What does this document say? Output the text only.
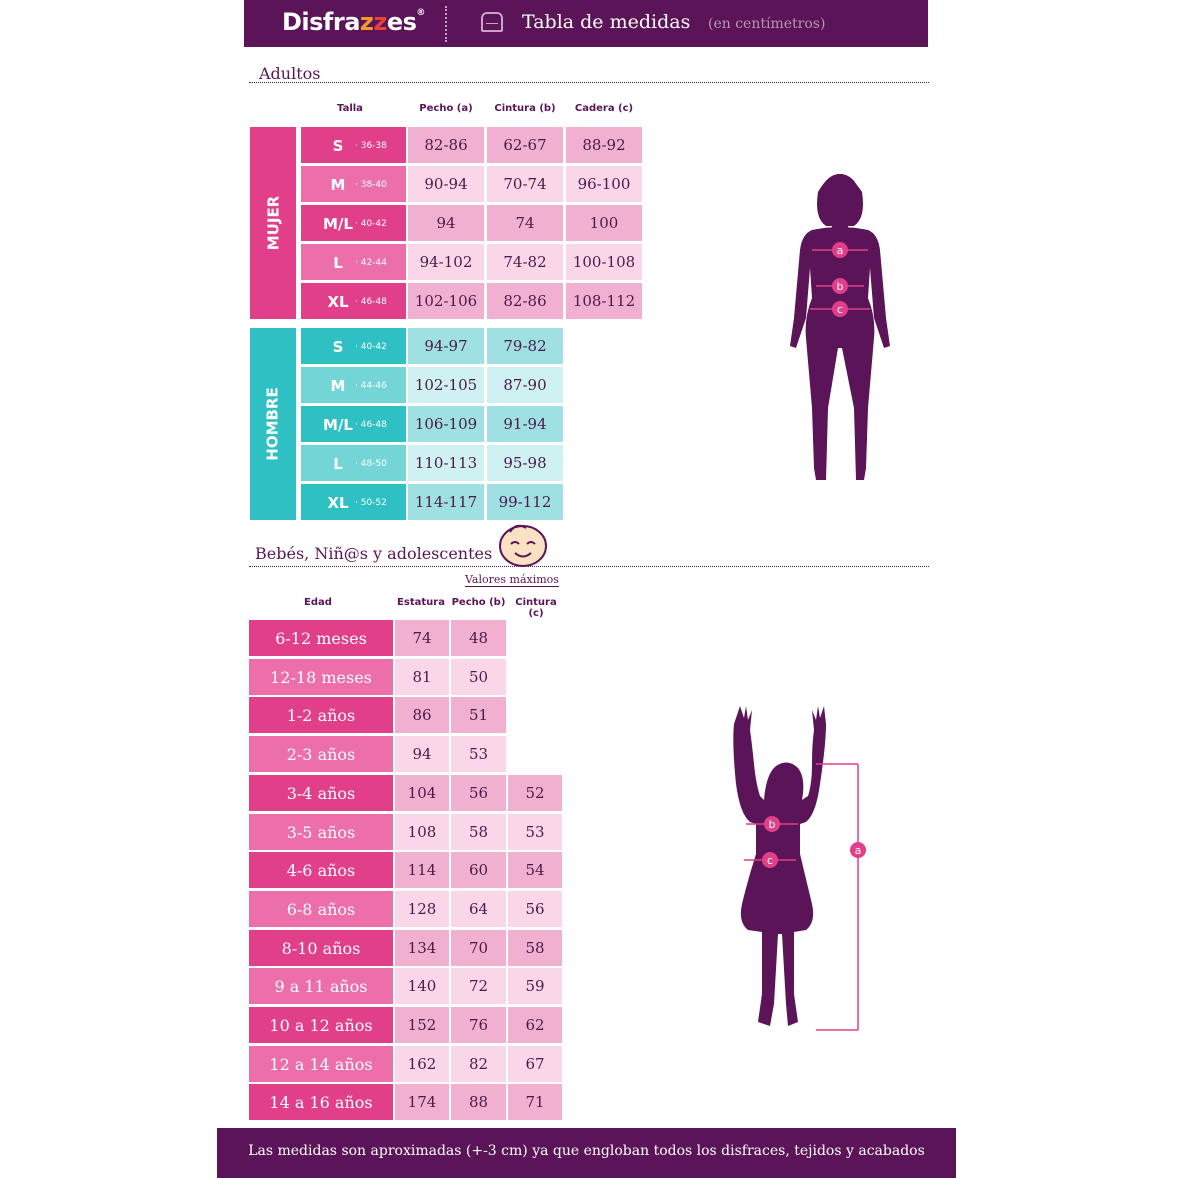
Disfrazzes®	Tabla de medidas (en centímetros)
Adultos
Talla	Pecho (a)	Cintura (b)	Cadera (c)
MUJER
S	· 36-38	82-86	62-67	88-92
M	· 38-40	90-94	70-74	96-100
M/L · 40-42	94	74	100
L	· 42-44	94-102	74-82	100-108
XL · 46-48	102-106	82-86	108-112
HOMBRE
S	· 40-42	94-97	79-82
M	· 44-46	102-105	87-90
M/L · 46-48	106-109	91-94
L	· 48-50	110-113	95-98
XL · 50-52	114-117	99-112
a
b
c
Bebés, Niñ@s y adolescentes
Valores máximos
Edad	Estatura Pecho (b) Cintura (c)
6-12 meses	74	48
12-18 meses	81	50
1-2 años	86	51
2-3 años	94	53
3-4 años	104	56	52
3-5 años	108	58	53
4-6 años	114	60	54
6-8 años	128	64	56
8-10 años	134	70	58
9 a 11 años	140	72	59
10 a 12 años	152	76	62
12 a 14 años	162	82	67
14 a 16 años	174	88	71
b
c
a
Las medidas son aproximadas (+-3 cm) ya que engloban todos los disfraces, tejidos y acabados
